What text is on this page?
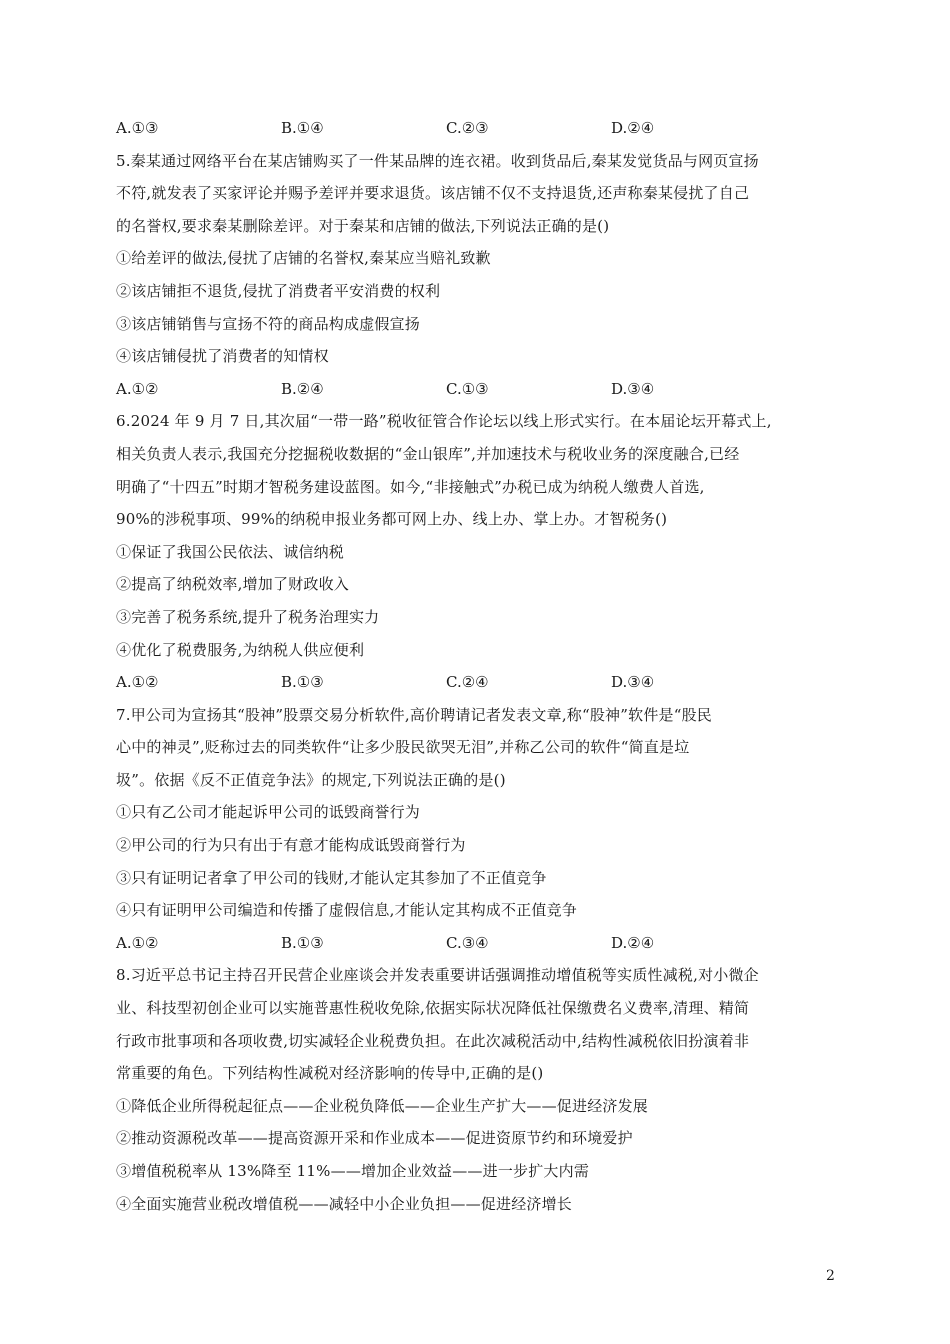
A.①③	B.①④	C.②③	D.②④
5.秦某通过网络平台在某店铺购买了一件某品牌的连衣裙。收到货品后,秦某发觉货品与网页宣扬
不符,就发表了买家评论并赐予差评并要求退货。该店铺不仅不支持退货,还声称秦某侵扰了自己
的名誉权,要求秦某删除差评。对于秦某和店铺的做法,下列说法正确的是()
①给差评的做法,侵扰了店铺的名誉权,秦某应当赔礼致歉
②该店铺拒不退货,侵扰了消费者平安消费的权利
③该店铺销售与宣扬不符的商品构成虚假宣扬
④该店铺侵扰了消费者的知情权
A.①②	B.②④	C.①③	D.③④
6.2024 年 9 月 7 日,其次届“一带一路”税收征管合作论坛以线上形式实行。在本届论坛开幕式上,
相关负责人表示,我国充分挖掘税收数据的“金山银库”,并加速技术与税收业务的深度融合,已经
明确了“十四五”时期才智税务建设蓝图。如今,“非接触式”办税已成为纳税人缴费人首选,
90%的涉税事项、99%的纳税申报业务都可网上办、线上办、掌上办。才智税务()
①保证了我国公民依法、诚信纳税
②提高了纳税效率,增加了财政收入
③完善了税务系统,提升了税务治理实力
④优化了税费服务,为纳税人供应便利
A.①②	B.①③	C.②④	D.③④
7.甲公司为宣扬其“股神”股票交易分析软件,高价聘请记者发表文章,称“股神”软件是“股民
心中的神灵”,贬称过去的同类软件“让多少股民欲哭无泪”,并称乙公司的软件“简直是垃
圾”。依据《反不正值竞争法》的规定,下列说法正确的是()
①只有乙公司才能起诉甲公司的诋毁商誉行为
②甲公司的行为只有出于有意才能构成诋毁商誉行为
③只有证明记者拿了甲公司的钱财,才能认定其参加了不正值竞争
④只有证明甲公司编造和传播了虚假信息,才能认定其构成不正值竞争
A.①②	B.①③	C.③④	D.②④
8.习近平总书记主持召开民营企业座谈会并发表重要讲话强调推动增值税等实质性减税,对小微企
业、科技型初创企业可以实施普惠性税收免除,依据实际状况降低社保缴费名义费率,清理、精简
行政市批事项和各项收费,切实减轻企业税费负担。在此次减税活动中,结构性减税依旧扮演着非
常重要的角色。下列结构性减税对经济影响的传导中,正确的是()
①降低企业所得税起征点——企业税负降低——企业生产扩大——促进经济发展
②推动资源税改革——提高资源开采和作业成本——促进资原节约和环境爱护
③增值税税率从 13%降至 11%——增加企业效益——进一步扩大内需
④全面实施营业税改增值税——减轻中小企业负担——促进经济增长
2
